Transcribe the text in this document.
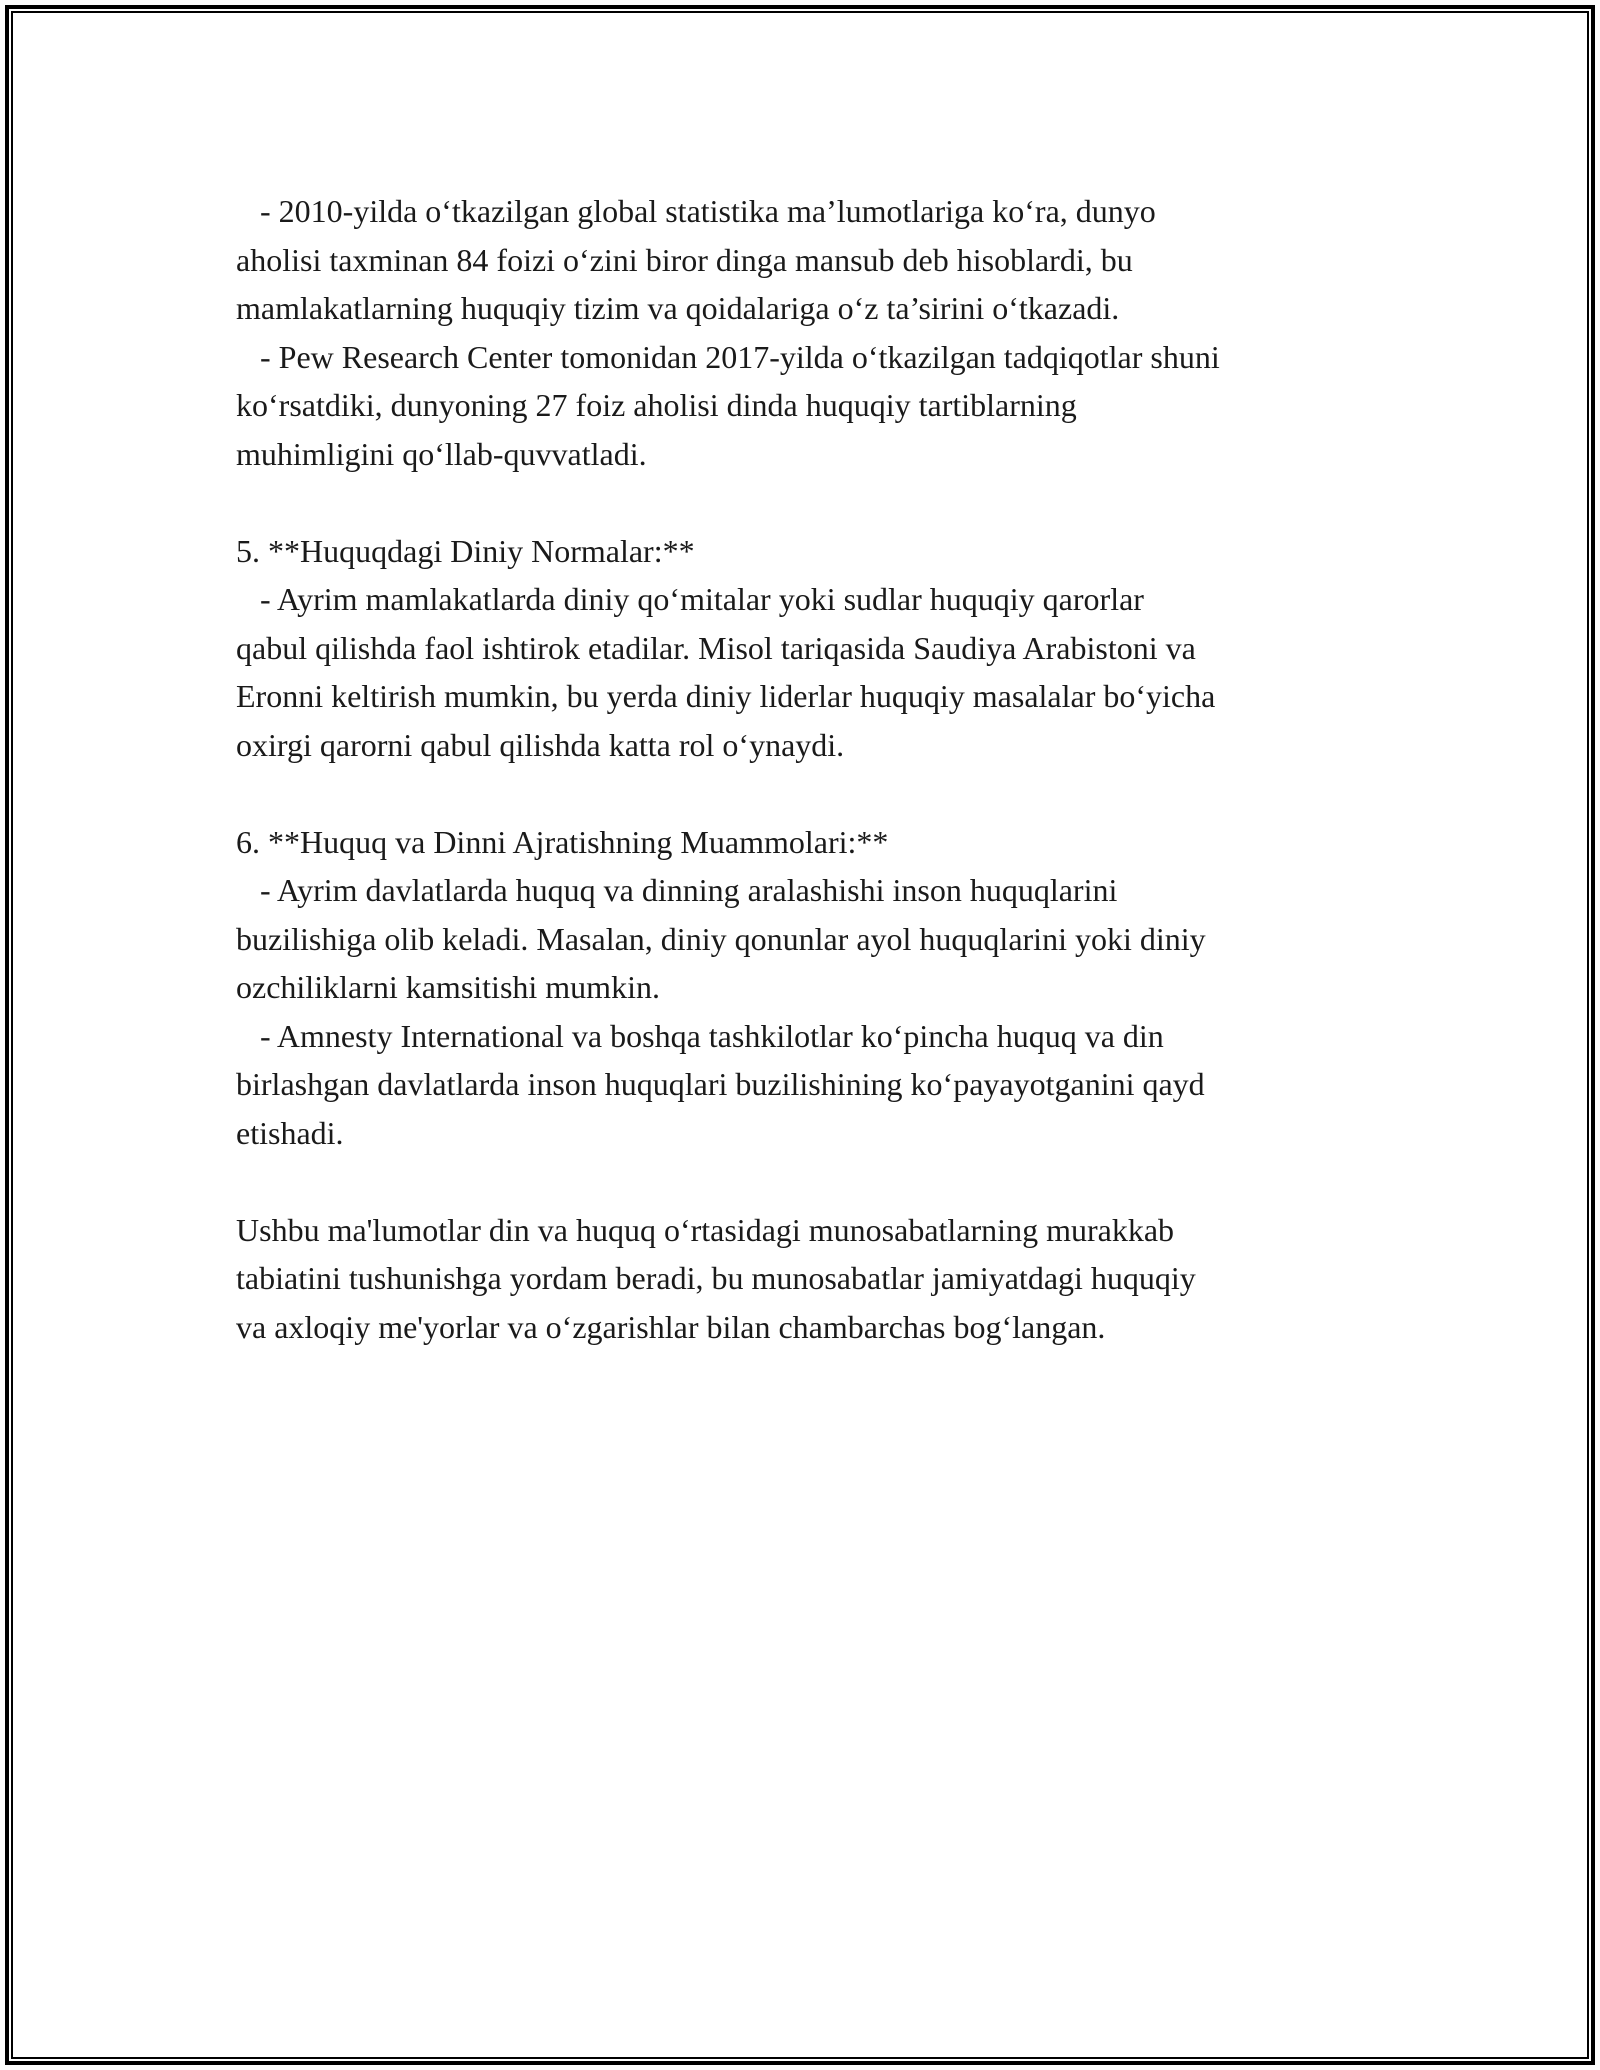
- 2010-yilda o‘tkazilgan global statistika ma’lumotlariga ko‘ra, dunyo
aholisi taxminan 84 foizi o‘zini biror dinga mansub deb hisoblardi, bu
mamlakatlarning huquqiy tizim va qoidalariga o‘z ta’sirini o‘tkazadi.
- Pew Research Center tomonidan 2017-yilda o‘tkazilgan tadqiqotlar shuni
ko‘rsatdiki, dunyoning 27 foiz aholisi dinda huquqiy tartiblarning
muhimligini qo‘llab-quvvatladi.
5. **Huquqdagi Diniy Normalar:**
- Ayrim mamlakatlarda diniy qo‘mitalar yoki sudlar huquqiy qarorlar
qabul qilishda faol ishtirok etadilar. Misol tariqasida Saudiya Arabistoni va
Eronni keltirish mumkin, bu yerda diniy liderlar huquqiy masalalar bo‘yicha
oxirgi qarorni qabul qilishda katta rol o‘ynaydi.
6. **Huquq va Dinni Ajratishning Muammolari:**
- Ayrim davlatlarda huquq va dinning aralashishi inson huquqlarini
buzilishiga olib keladi. Masalan, diniy qonunlar ayol huquqlarini yoki diniy
ozchiliklarni kamsitishi mumkin.
- Amnesty International va boshqa tashkilotlar ko‘pincha huquq va din
birlashgan davlatlarda inson huquqlari buzilishining ko‘payayotganini qayd
etishadi.
Ushbu ma'lumotlar din va huquq o‘rtasidagi munosabatlarning murakkab
tabiatini tushunishga yordam beradi, bu munosabatlar jamiyatdagi huquqiy
va axloqiy me'yorlar va o‘zgarishlar bilan chambarchas bog‘langan.
